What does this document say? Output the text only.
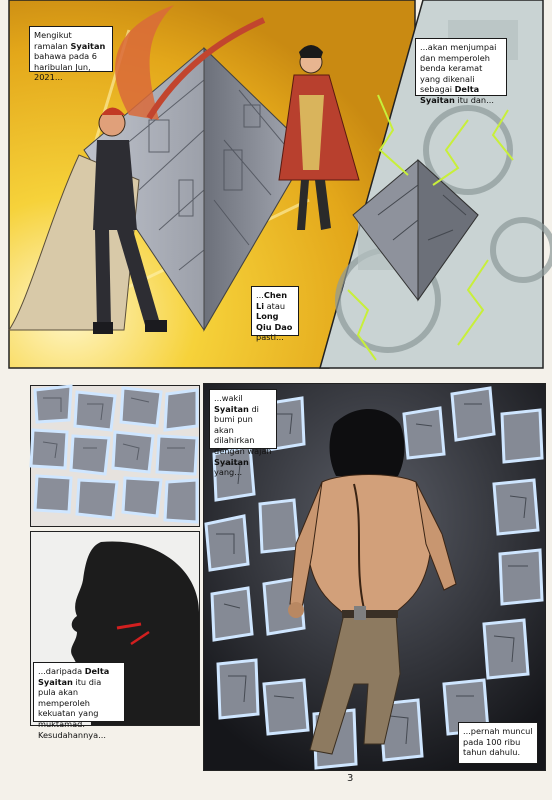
Mengikut ramalan Syaitan bahawa pada 6 haribulan Jun, 2021...
...Chen Li atau Long Qiu Dao pasti...
...akan menjumpai dan memperoleh benda keramat yang dikenali sebagai Delta Syaitan itu dan...
...daripada Delta Syaitan itu dia pula akan memperoleh kekuatan yang muktamad. Kesudahannya...
...wakil Syaitan di bumi pun akan dilahirkan dengan wajah Syaitan yang...
...pernah muncul pada 100 ribu tahun dahulu.
3
